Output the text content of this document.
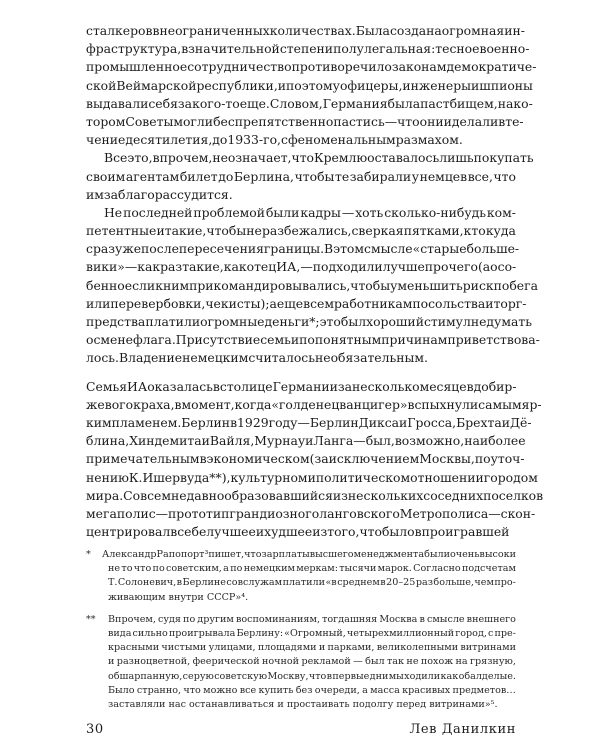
сталкеров в неограниченных количествах. Была создана огромная ин-
фраструктура, в значительной степени полулегальная: тесное военно-
промышленное сотрудничество противоречило законам демократиче-
ской Веймарской республики, и поэтому офицеры, инженеры и шпионы
выдавали себя за кого-то еще. Словом, Германия была пастбищем, на ко-
тором Советы могли беспрепятственно пастись — что они и делали в те-
чение десятилетия, до 1933-го, с феноменальным размахом.
Все это, впрочем, не означает, что Кремлю оставалось лишь покупать
своим агентам билет до Берлина, чтобы те забирали у немцев все, что
им заблагорассудится.
Не последней проблемой были кадры — хоть сколько-нибудь ком-
петентные и такие, чтобы не разбежались, сверкая пятками, кто куда
сразу же после пересечения границы. В этом смысле «старые больше-
вики» — как раз такие, как отец ИА, — подходили лучше прочего (а осо-
бенно если к ним прикомандировывались, чтобы уменьшить риск побега
или перевербовки, чекисты); а еще всем работникам посольства и торг-
предства платили огромные деньги*; это был хороший стимул не думать
о смене флага. Присутствие семьи по понятным причинам приветствова-
лось. Владение немецким считалось необязательным.
Семья ИА оказалась в столице Германии за несколько месяцев до бир-
жевого краха, в момент, когда «голдене цванцигер» вспыхнули самым яр-
ким пламенем. Берлин в 1929 году — Берлин Дикса и Гросса, Брехта и Дё-
блина, Хиндемита и Вайля, Мурнау и Ланга — был, возможно, наиболее
примечательным в экономическом (за исключением Москвы, по уточ-
нению К. Ишервуда**), культурном и политическом отношении городом
мира. Совсем недавно образовавшийся из нескольких соседних поселков
мегаполис — прототип грандиозного ланговского Метрополиса — скон-
центрировал в себе лучшее и худшее из того, что было в проигравшей
*	Александр Рапопорт³ пишет, что зарплаты высшего менеджмента были очень высоки
не то что по советским, а по немецким меркам: тысячи марок. Согласно подсчетам
Т. Солоневич, в Берлине совслужам платили «в среднем в 20–25 раз больше, чем про-
живающим
внутри
СССР»⁴.

**	Впрочем, судя по другим воспоминаниям, тогдашняя Москва в смысле внешнего
вида сильно проигрывала Берлину: «Огромный, четырехмиллионный город, с пре-
красными чистыми улицами, площадями и парками, великолепными витринами
и разноцветной, феерической ночной рекламой — был так не похож на грязную,
обшарпанную, серую советскую Москву, что в первые дни мы ходили как обалделые.
Было странно, что можно все купить без очереди, а масса красивых предметов…
заставляли
нас
останавливаться
и
простаивать
подолгу
перед
витринами»⁵.

30	Лев Данилкин
